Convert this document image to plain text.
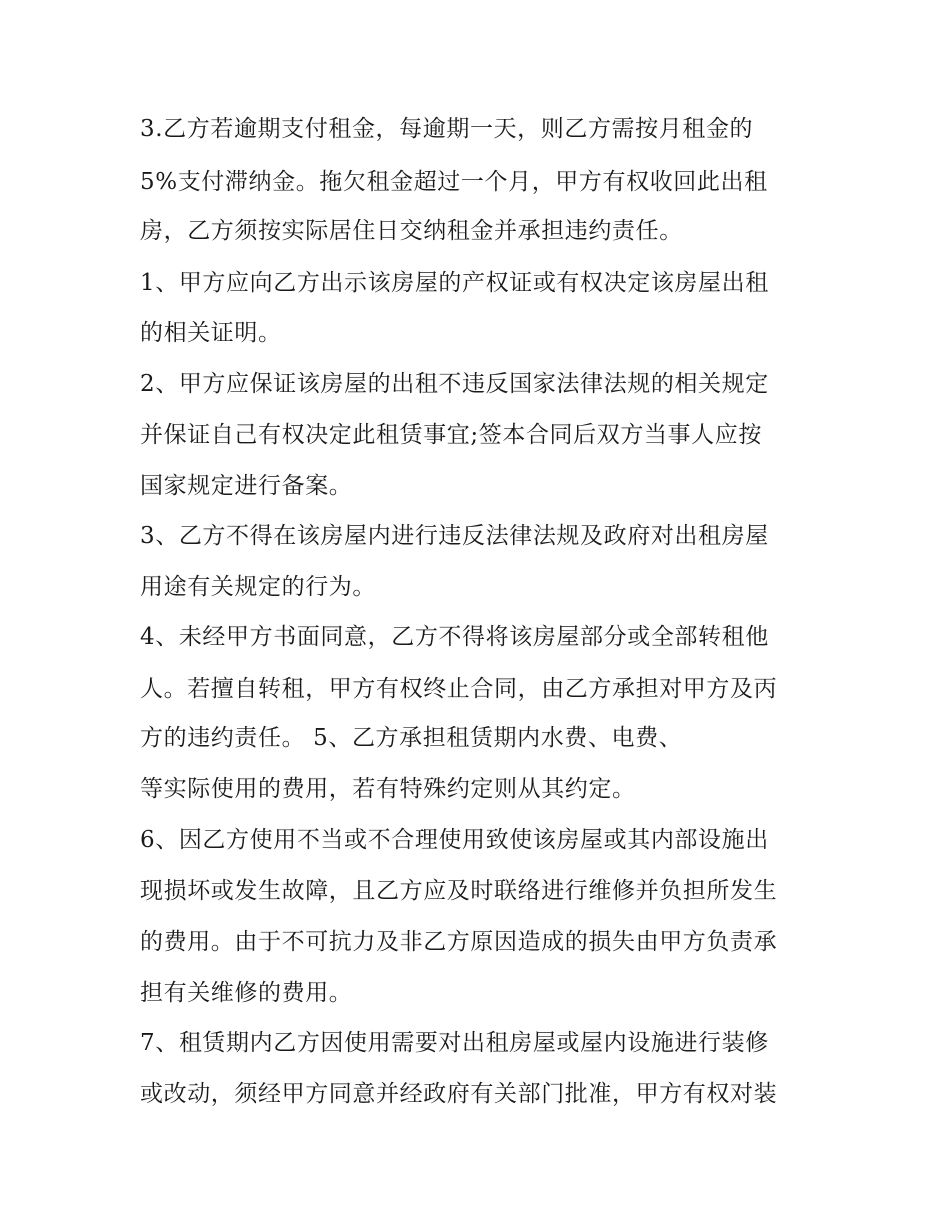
3.乙方若逾期支付租金，每逾期一天，则乙方需按月租金的
5%支付滞纳金。拖欠租金超过一个月，甲方有权收回此出租
房，乙方须按实际居住日交纳租金并承担违约责任。
1、甲方应向乙方出示该房屋的产权证或有权决定该房屋出租
的相关证明。
2、甲方应保证该房屋的出租不违反国家法律法规的相关规定
并保证自己有权决定此租赁事宜;签本合同后双方当事人应按
国家规定进行备案。
3、乙方不得在该房屋内进行违反法律法规及政府对出租房屋
用途有关规定的行为。
4、未经甲方书面同意，乙方不得将该房屋部分或全部转租他
人。若擅自转租，甲方有权终止合同，由乙方承担对甲方及丙
方的违约责任。 5、乙方承担租赁期内水费、电费、
等实际使用的费用，若有特殊约定则从其约定。
6、因乙方使用不当或不合理使用致使该房屋或其内部设施出
现损坏或发生故障，且乙方应及时联络进行维修并负担所发生
的费用。由于不可抗力及非乙方原因造成的损失由甲方负责承
担有关维修的费用。
7、租赁期内乙方因使用需要对出租房屋或屋内设施进行装修
或改动，须经甲方同意并经政府有关部门批准，甲方有权对装
